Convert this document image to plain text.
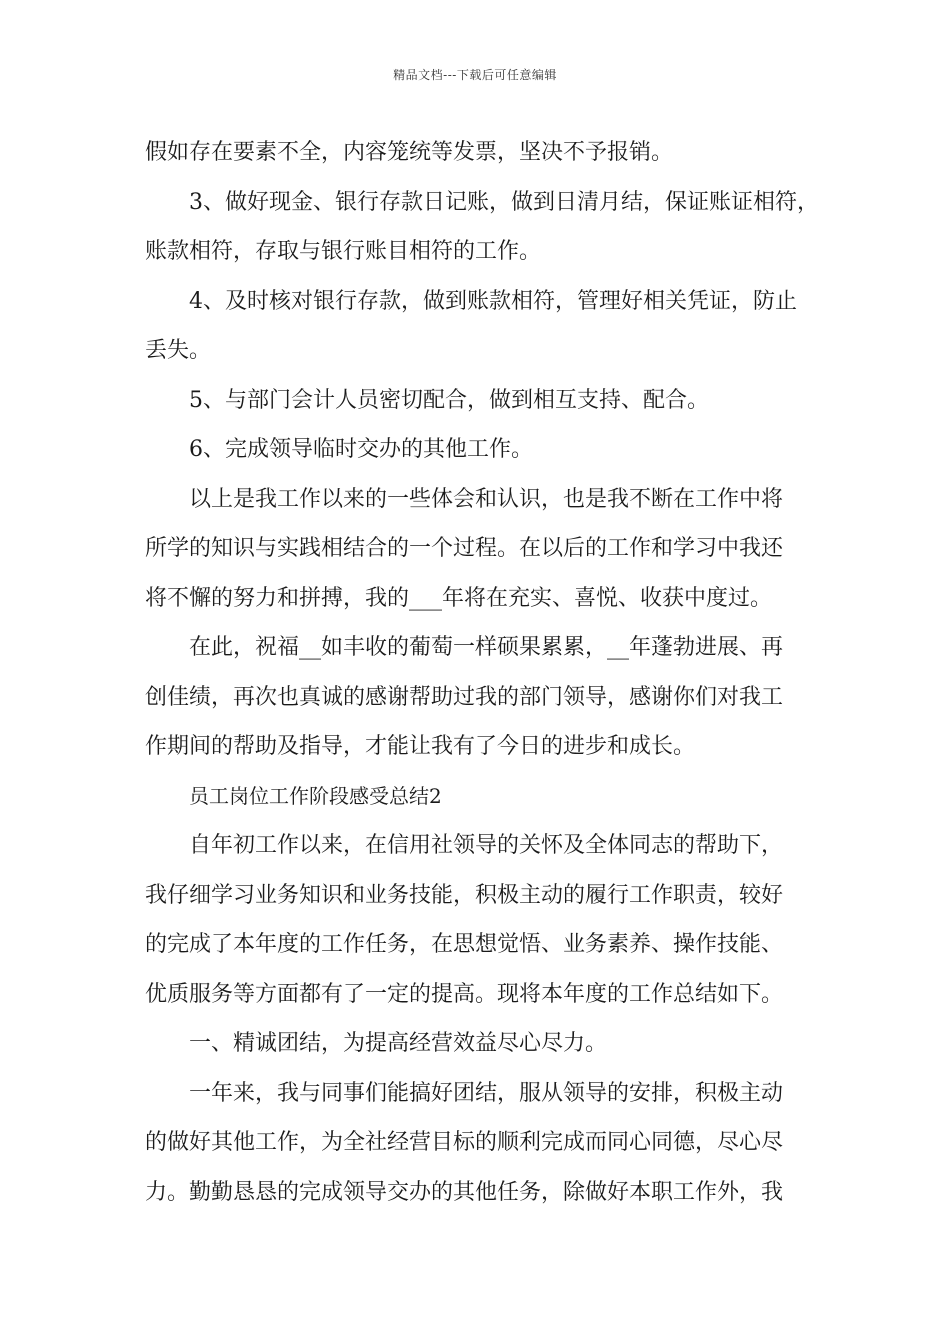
精品文档---下载后可任意编辑
假如存在要素不全，内容笼统等发票，坚决不予报销。
3、做好现金、银行存款日记账，做到日清月结，保证账证相符，
账款相符，存取与银行账目相符的工作。
4、及时核对银行存款，做到账款相符，管理好相关凭证，防止
丢失。
5、与部门会计人员密切配合，做到相互支持、配合。
6、完成领导临时交办的其他工作。
以上是我工作以来的一些体会和认识，也是我不断在工作中将
所学的知识与实践相结合的一个过程。在以后的工作和学习中我还
将不懈的努力和拼搏，我的___年将在充实、喜悦、收获中度过。
在此，祝福__如丰收的葡萄一样硕果累累，__年蓬勃进展、再
创佳绩，再次也真诚的感谢帮助过我的部门领导，感谢你们对我工
作期间的帮助及指导，才能让我有了今日的进步和成长。
员工岗位工作阶段感受总结2
自年初工作以来，在信用社领导的关怀及全体同志的帮助下，
我仔细学习业务知识和业务技能，积极主动的履行工作职责，较好
的完成了本年度的工作任务，在思想觉悟、业务素养、操作技能、
优质服务等方面都有了一定的提高。现将本年度的工作总结如下。
一、精诚团结，为提高经营效益尽心尽力。
一年来，我与同事们能搞好团结，服从领导的安排，积极主动
的做好其他工作，为全社经营目标的顺利完成而同心同德，尽心尽
力。勤勤恳恳的完成领导交办的其他任务，除做好本职工作外，我
